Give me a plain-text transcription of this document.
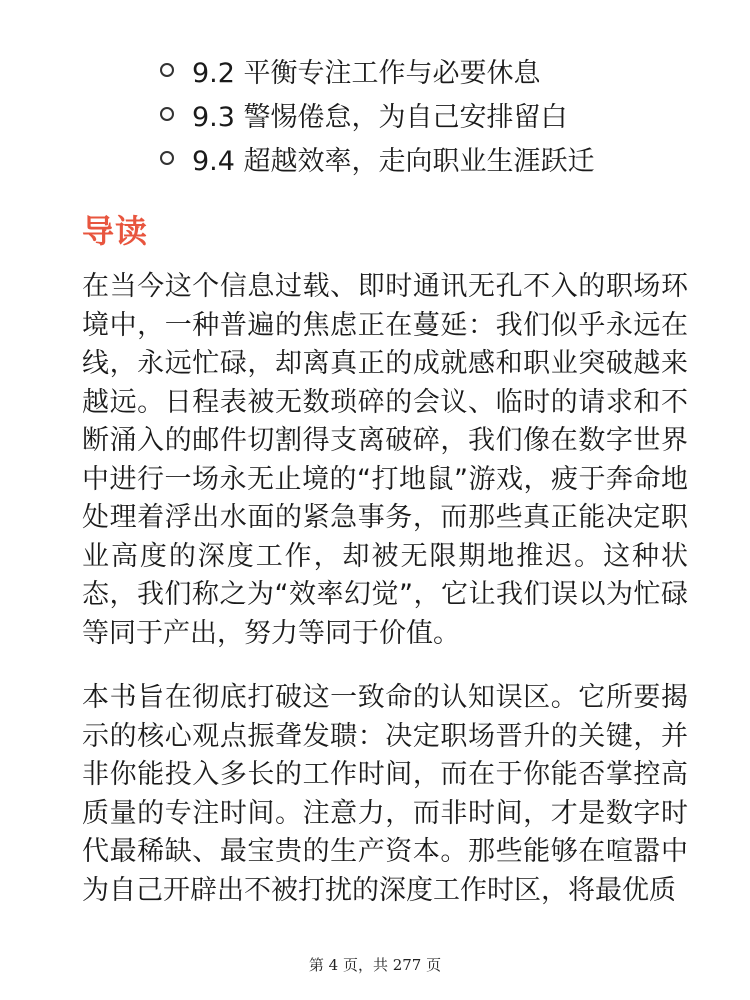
9.2 平衡专注工作与必要休息
9.3 警惕倦怠，为自己安排留白
9.4 超越效率，走向职业生涯跃迁
导读

在当今这个信息过载、即时通讯无孔不入的职场环境中，一种普遍的焦虑正在蔓延：我们似乎永远在线，永远忙碌，却离真正的成就感和职业突破越来越远。日程表被无数琐碎的会议、临时的请求和不断涌入的邮件切割得支离破碎，我们像在数字世界中进行一场永无止境的“打地鼠”游戏，疲于奔命地处理着浮出水面的紧急事务，而那些真正能决定职业高度的深度工作，却被无限期地推迟。这种状态，我们称之为“效率幻觉”，它让我们误以为忙碌等同于产出，努力等同于价值。

本书旨在彻底打破这一致命的认知误区。它所要揭示的核心观点振聋发聩：决定职场晋升的关键，并非你能投入多长的工作时间，而在于你能否掌控高质量的专注时间。注意力，而非时间，才是数字时代最稀缺、最宝贵的生产资本。那些能够在喧嚣中为自己开辟出不被打扰的深度工作时区，将最优质

第 4 页，共 277 页
